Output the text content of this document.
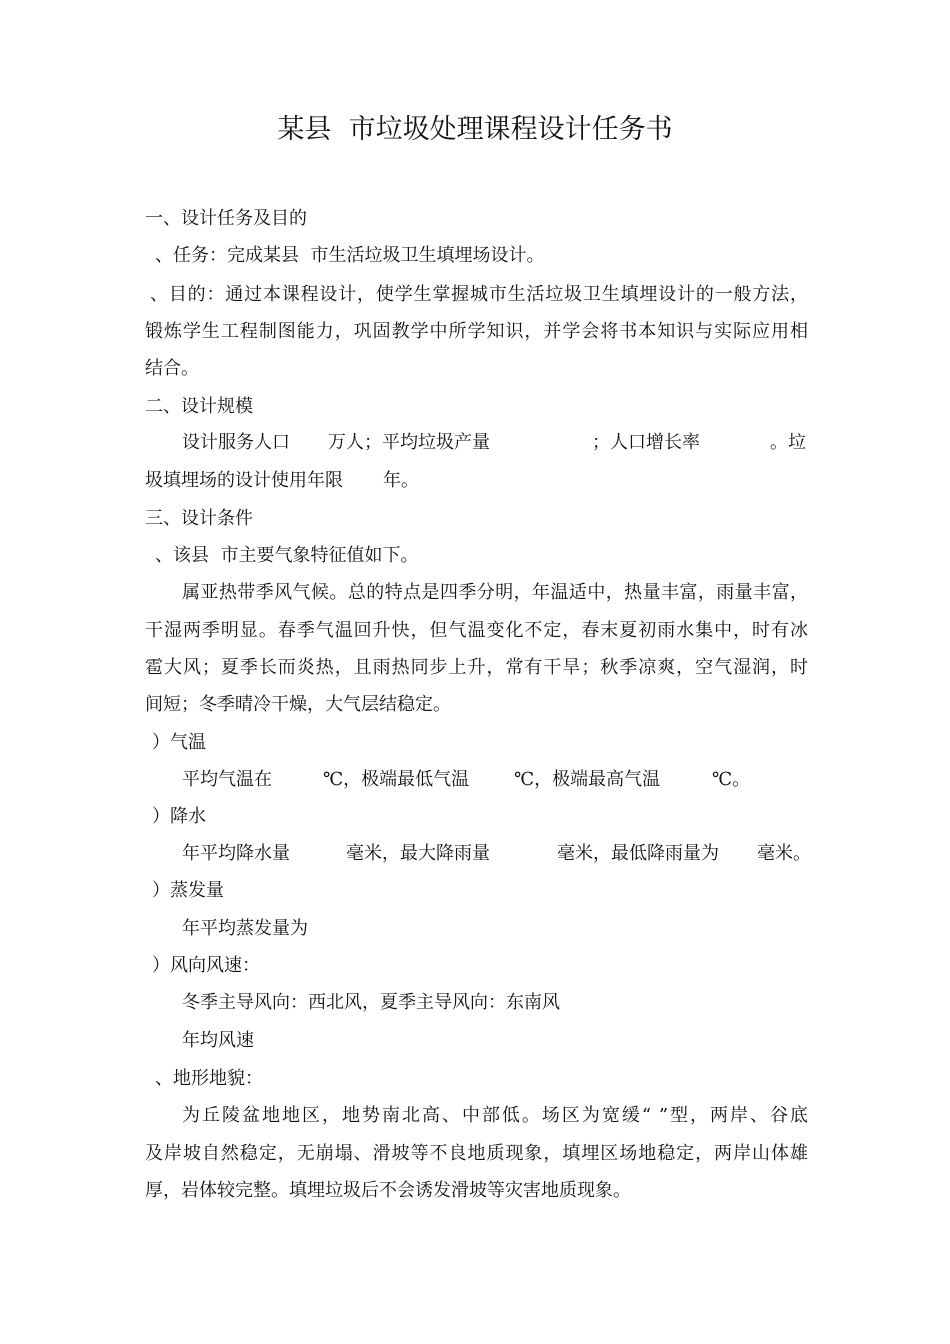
某县  市垃圾处理课程设计任务书
一、设计任务及目的
、任务：完成某县  市生活垃圾卫生填埋场设计。
、目的：通过本课程设计，使学生掌握城市生活垃圾卫生填埋设计的一般方法，
锻炼学生工程制图能力，巩固教学中所学知识，并学会将书本知识与实际应用相
结合。
二、设计规模
设计服务人口 万人；平均垃圾产量	；人口增长率	。垃
圾填埋场的设计使用年限 年。
三、设计条件
、该县  市主要气象特征值如下。
属亚热带季风气候。总的特点是四季分明，年温适中，热量丰富，雨量丰富，
干湿两季明显。春季气温回升快，但气温变化不定，春末夏初雨水集中，时有冰
雹大风；夏季长而炎热，且雨热同步上升，常有干旱；秋季凉爽，空气湿润，时
间短；冬季晴冷干燥，大气层结稳定。
）气温
平均气温在	℃，极端最低气温 ℃，极端最高气温	℃。
）降水
年平均降水量	毫米，最大降雨量	毫米，最低降雨量为 毫米。
）蒸发量
年平均蒸发量为
）风向风速：
冬季主导风向：西北风，夏季主导风向：东南风
年均风速
、地形地貌：
为丘陵盆地地区，地势南北高、中部低。场区为宽缓“ ”型，两岸、谷底
及岸坡自然稳定，无崩塌、滑坡等不良地质现象，填埋区场地稳定，两岸山体雄
厚，岩体较完整。填埋垃圾后不会诱发滑坡等灾害地质现象。
